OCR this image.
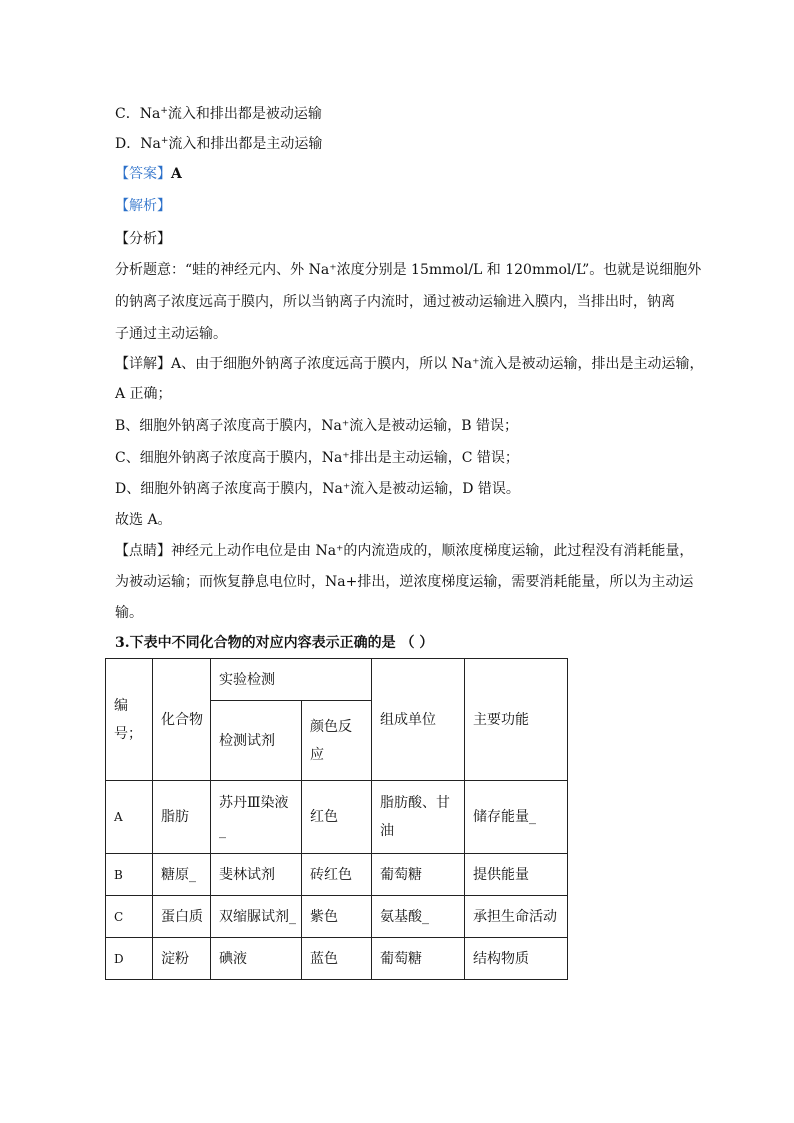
C．Na+流入和排出都是被动运输
D．Na+流入和排出都是主动运输
【答案】A
【解析】
【分析】
分析题意：“蛙的神经元内、外 Na⁺浓度分别是 15mmol/L 和 120mmol/L”。也就是说细胞外
的钠离子浓度远高于膜内，所以当钠离子内流时，通过被动运输进入膜内，当排出时，钠离
子通过主动运输。
【详解】A、由于细胞外钠离子浓度远高于膜内，所以 Na⁺流入是被动运输，排出是主动运输，
A 正确；
B、细胞外钠离子浓度高于膜内，Na⁺流入是被动运输，B 错误；
C、细胞外钠离子浓度高于膜内，Na⁺排出是主动运输，C 错误；
D、细胞外钠离子浓度高于膜内，Na⁺流入是被动运输，D 错误。
故选 A。
【点睛】神经元上动作电位是由 Na⁺的内流造成的，顺浓度梯度运输，此过程没有消耗能量，
为被动运输；而恢复静息电位时，Na+排出，逆浓度梯度运输，需要消耗能量，所以为主动运
输。
3.下表中不同化合物的对应内容表示正确的是 （ ）
编号；	化合物	实验检测		组成单位	主要功能
		检测试剂	颜色反应		
A	脂肪	苏丹Ⅲ染液_	红色	脂肪酸、甘油	储存能量_
B	糖原_	斐林试剂	砖红色	葡萄糖	提供能量
C	蛋白质	双缩脲试剂_	紫色	氨基酸_	承担生命活动
D	淀粉	碘液	蓝色	葡萄糖	结构物质
